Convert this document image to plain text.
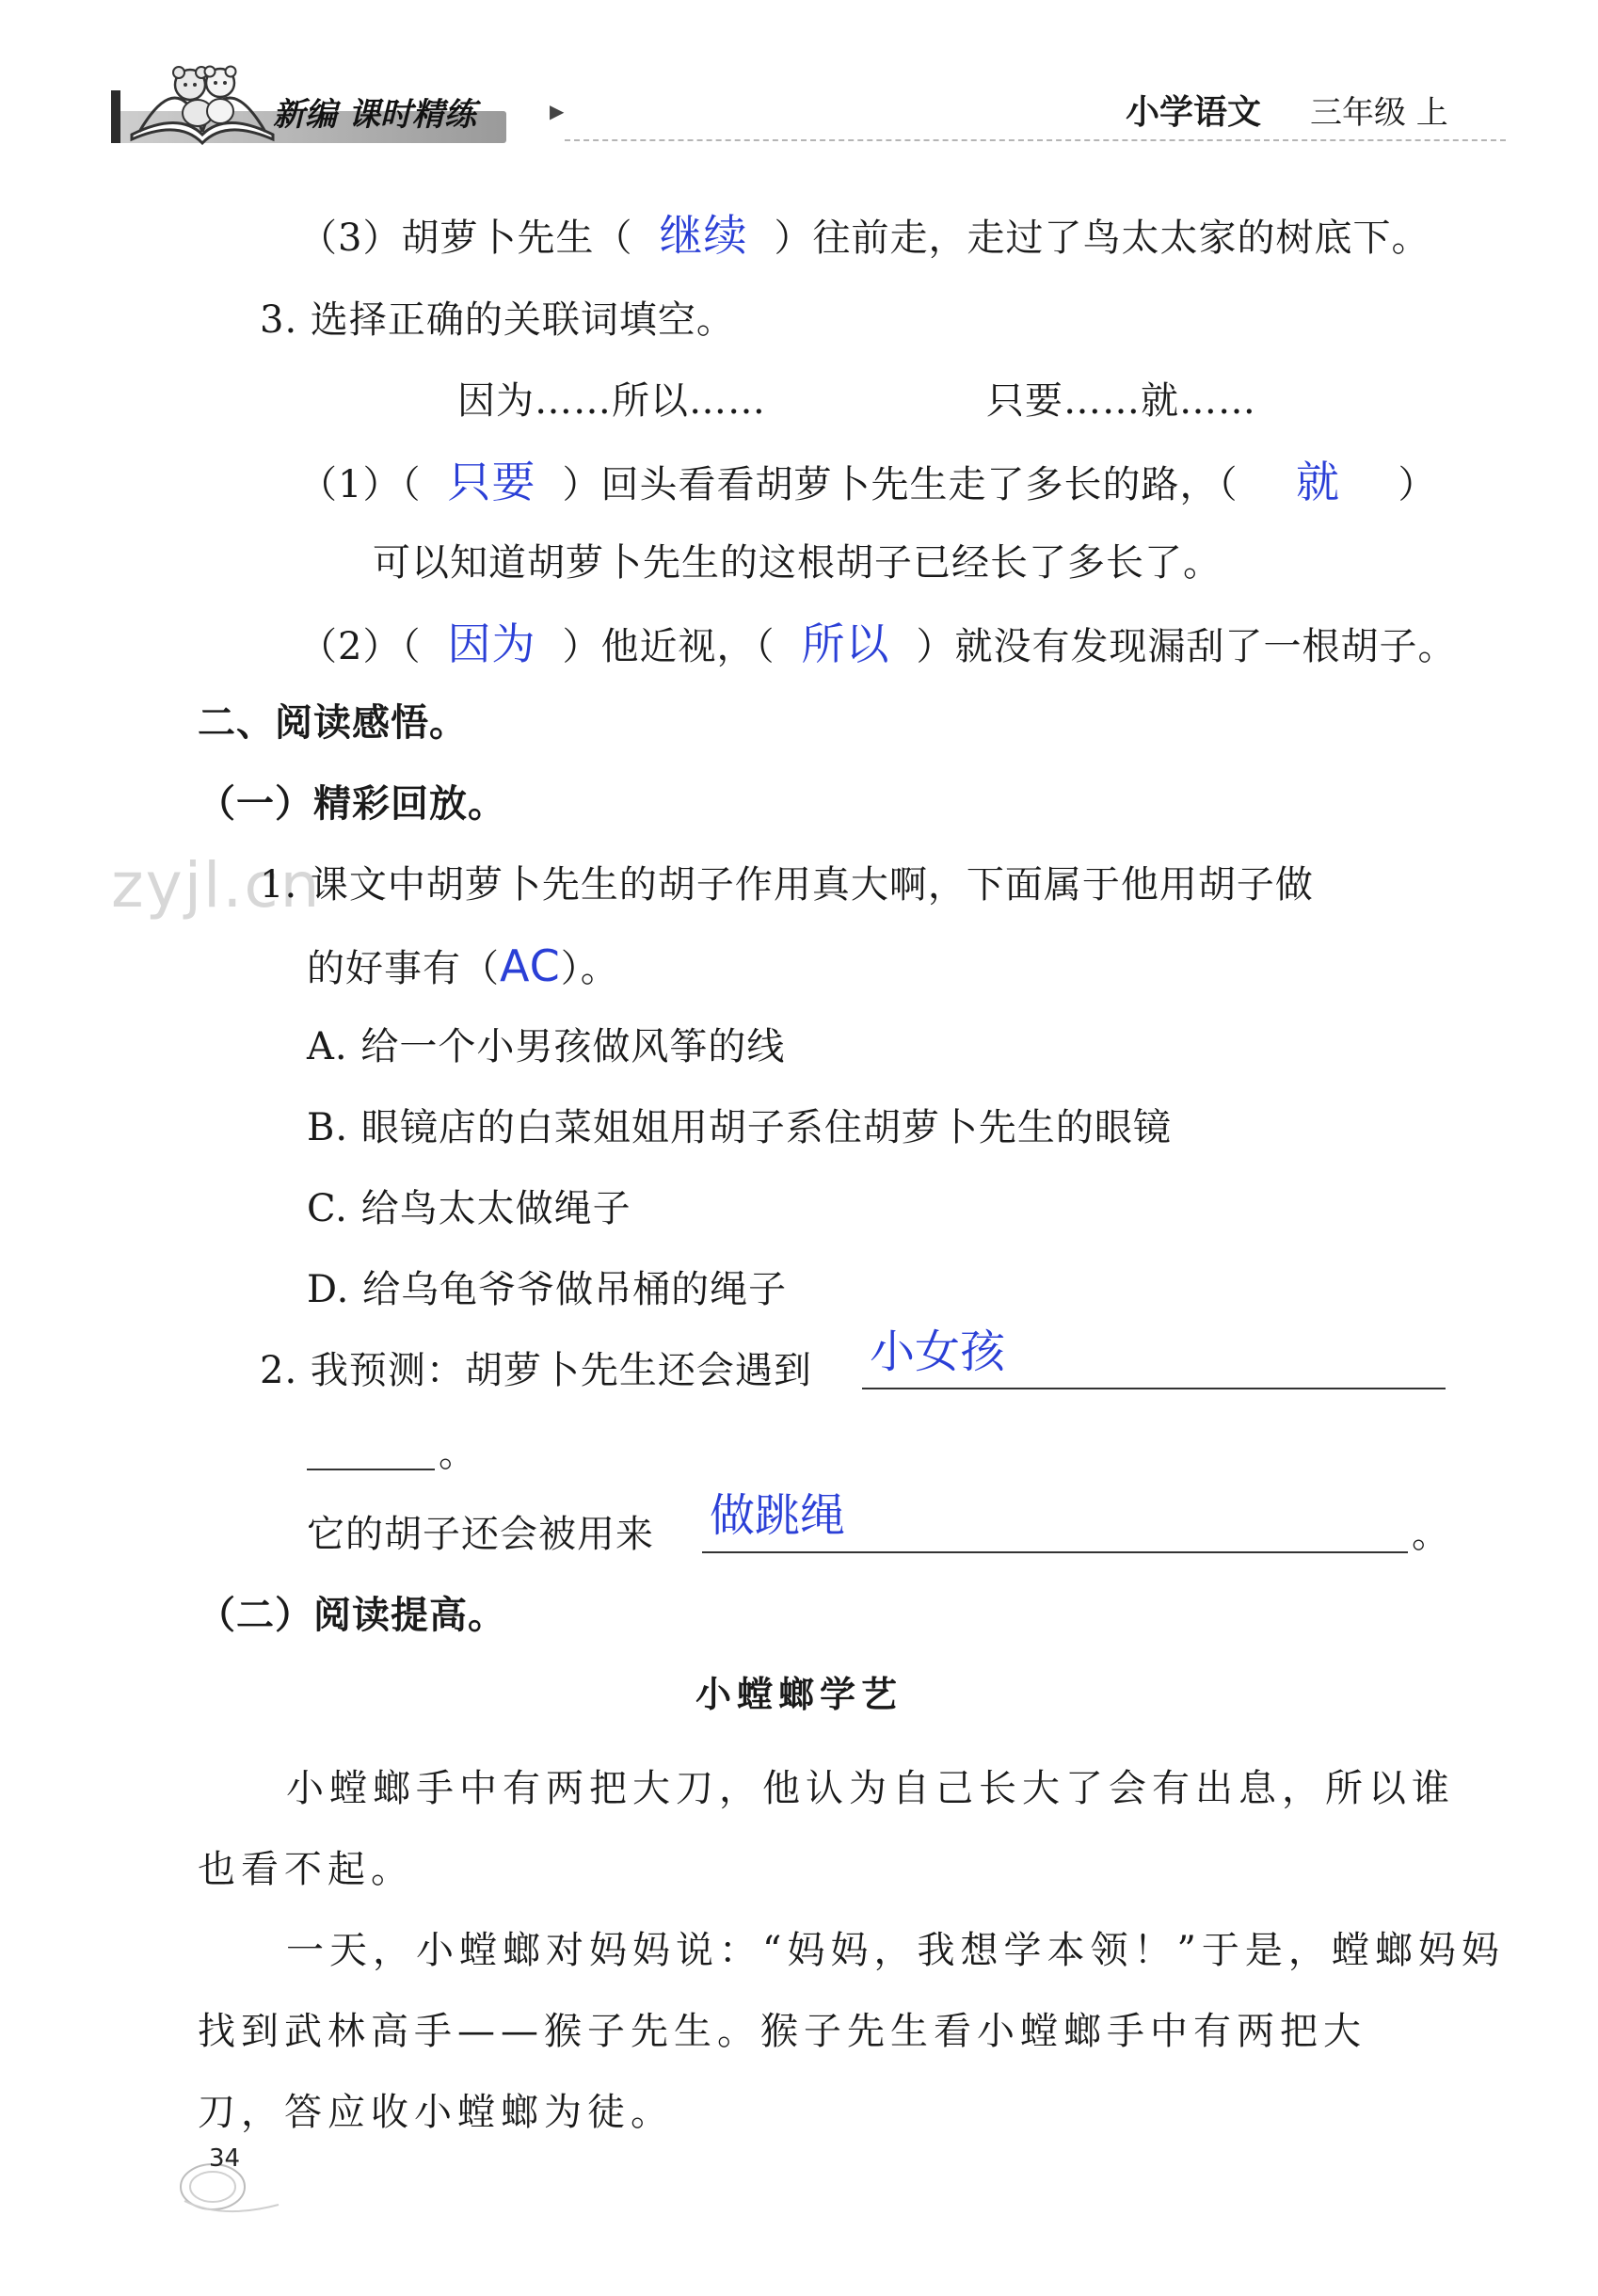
新编 课时精练	▶	小学语文 三年级 上
（3）胡萝卜先生（ 继续 ）往前走，走过了鸟太太家的树底下。
3. 选择正确的关联词填空。
因为……所以……	只要……就……
（1）（ 只要 ）回头看看胡萝卜先生走了多长的路，（ 就 ）
可以知道胡萝卜先生的这根胡子已经长了多长了。
（2）（ 因为 ）他近视，（ 所以 ）就没有发现漏刮了一根胡子。
二、阅读感悟。
（一）精彩回放。
zyjl.cn
1. 课文中胡萝卜先生的胡子作用真大啊，下面属于他用胡子做
的好事有（AC）。
A. 给一个小男孩做风筝的线
B. 眼镜店的白菜姐姐用胡子系住胡萝卜先生的眼镜
C. 给鸟太太做绳子
D. 给乌龟爷爷做吊桶的绳子
2. 我预测：胡萝卜先生还会遇到 小女孩
。
它的胡子还会被用来 做跳绳	。
（二）阅读提高。
小螳螂学艺
小螳螂手中有两把大刀，他认为自己长大了会有出息，所以谁
也看不起。
一天，小螳螂对妈妈说：“妈妈，我想学本领！”于是，螳螂妈妈
找到武林高手——猴子先生。猴子先生看小螳螂手中有两把大
刀，答应收小螳螂为徒。
34
